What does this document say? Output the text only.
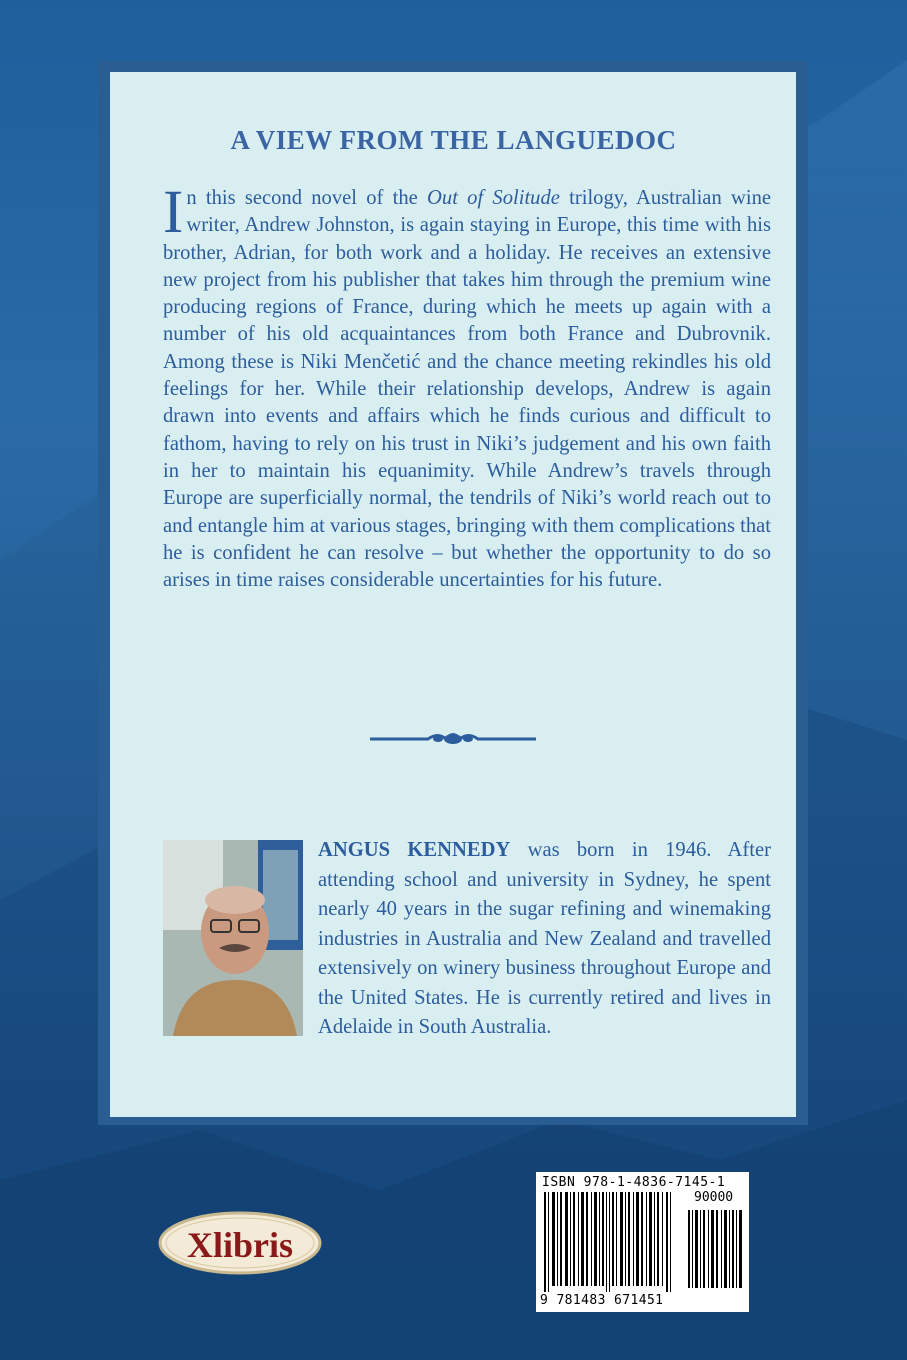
A VIEW FROM THE LANGUEDOC
In this second novel of the Out of Solitude trilogy, Australian wine writer, Andrew Johnston, is again staying in Europe, this time with his brother, Adrian, for both work and a holiday. He receives an extensive new project from his publisher that takes him through the premium wine producing regions of France, during which he meets up again with a number of his old acquaintances from both France and Dubrovnik. Among these is Niki Menčetić and the chance meeting rekindles his old feelings for her. While their relationship develops, Andrew is again drawn into events and affairs which he finds curious and difficult to fathom, having to rely on his trust in Niki’s judgement and his own faith in her to maintain his equanimity. While Andrew’s travels through Europe are superficially normal, the tendrils of Niki’s world reach out to and entangle him at various stages, bringing with them complications that he is confident he can resolve – but whether the opportunity to do so arises in time raises considerable uncertainties for his future.
ANGUS KENNEDY was born in 1946. After attending school and university in Sydney, he spent nearly 40 years in the sugar refining and winemaking industries in Australia and New Zealand and travelled extensively on winery business throughout Europe and the United States. He is currently retired and lives in Adelaide in South Australia.
Xlibris
ISBN 978-1-4836-7145-1
90000
9 781483 671451
